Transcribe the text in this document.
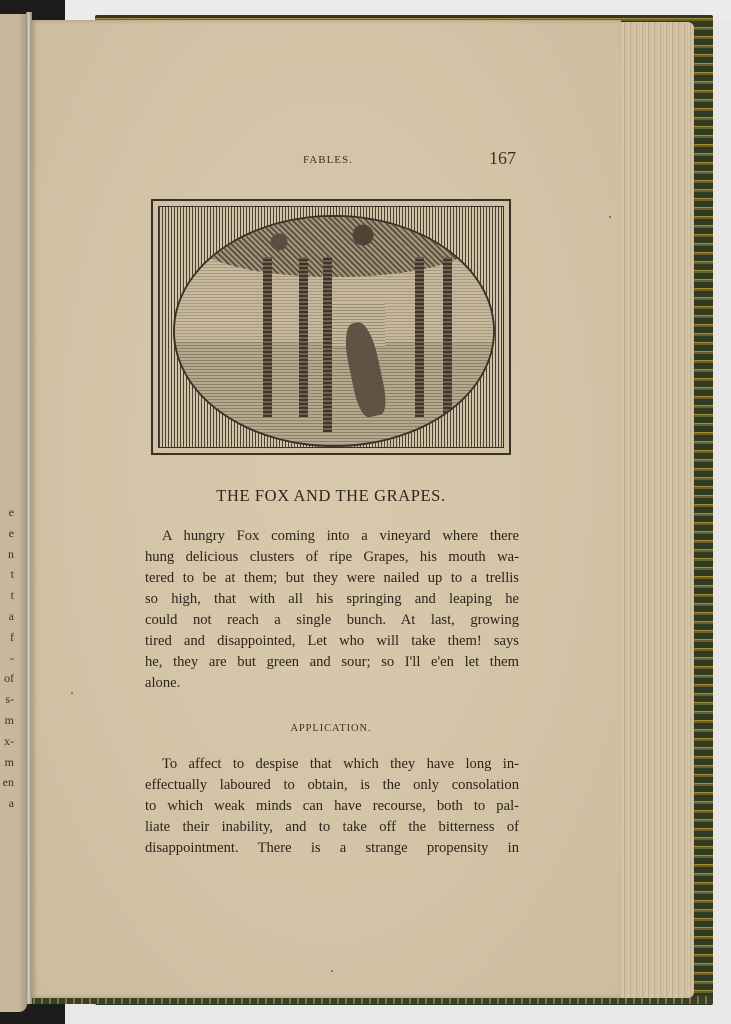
e
e
n
t
t
a
f
-
of
s-
m
x-
m
en
a
FABLES.	167
THE FOX AND THE GRAPES.
A hungry Fox coming into a vineyard where there
hung delicious clusters of ripe Grapes, his mouth wa-
tered to be at them; but they were nailed up to a trellis
so high, that with all his springing and leaping he
could not reach a single bunch. At last, growing
tired and disappointed, Let who will take them! says
he, they are but green and sour; so I'll e'en let them
alone.
APPLICATION.
To affect to despise that which they have long in-
effectually laboured to obtain, is the only consolation
to which weak minds can have recourse, both to pal-
liate their inability, and to take off the bitterness of
disappointment. There is a strange propensity in
